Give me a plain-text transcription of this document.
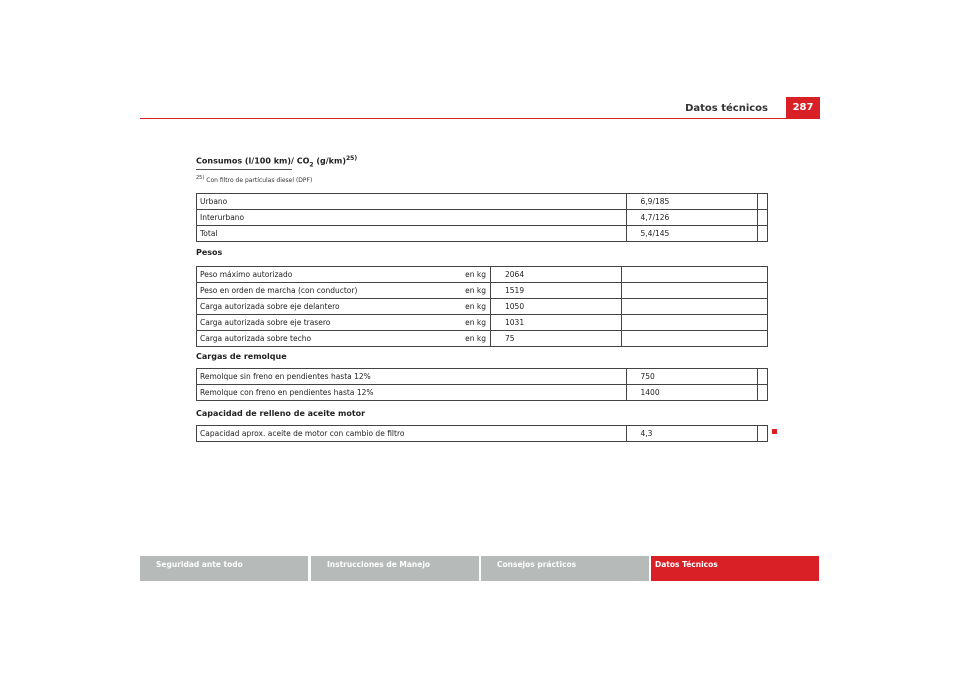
Datos técnicos	287
Consumos (l/100 km)/ $CO_2$ $(g/km)^{25)}$
$^{25)}$ Con filtro de partículas diesel (DPF)
Urbano	6,9/185	
Interurbano	4,7/126	
Total	5,4/145	
Pesos
Peso máximo autorizado	en kg	2064	
Peso en orden de marcha (con conductor)	en kg	1519	
Carga autorizada sobre eje delantero	en kg	1050	
Carga autorizada sobre eje trasero	en kg	1031	
Carga autorizada sobre techo	en kg	75	
Cargas de remolque
Remolque sin freno en pendientes hasta 12%	750	
Remolque con freno en pendientes hasta 12%	1400	
Capacidad de relleno de aceite motor
Capacidad aprox. aceite de motor con cambio de filtro	4,3	
Seguridad ante todo	Instrucciones de Manejo	Consejos prácticos	Datos Técnicos
